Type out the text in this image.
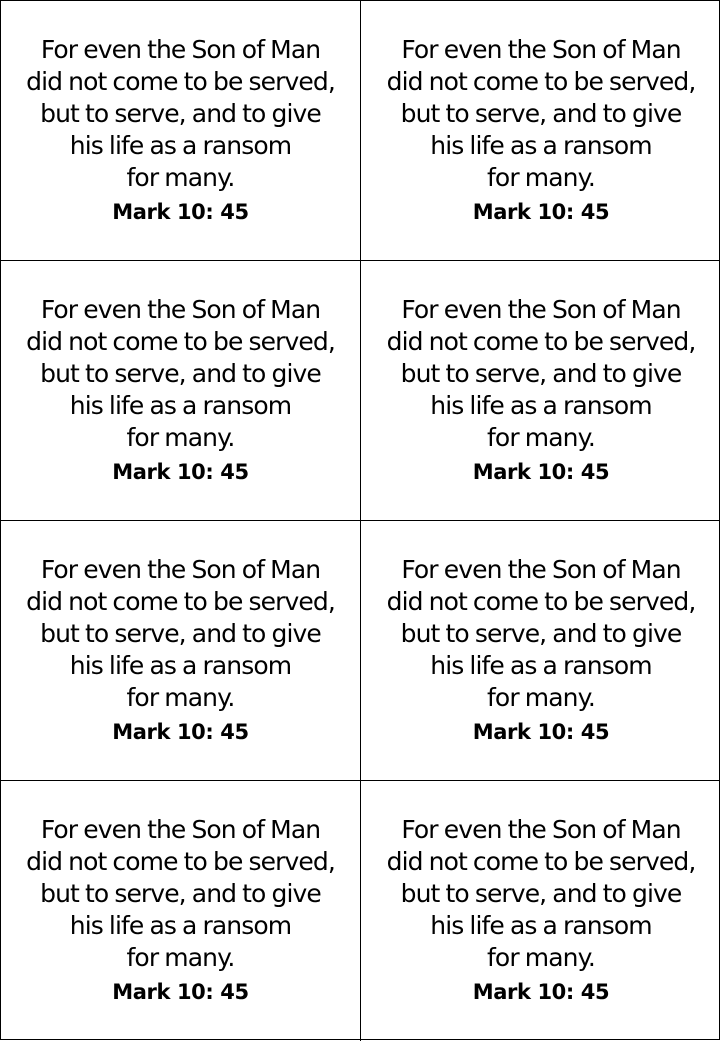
For even the Son of Man
did not come to be served,
but to serve, and to give
his life as a ransom
for many.

Mark 10: 45

For even the Son of Man
did not come to be served,
but to serve, and to give
his life as a ransom
for many.

Mark 10: 45

For even the Son of Man
did not come to be served,
but to serve, and to give
his life as a ransom
for many.

Mark 10: 45

For even the Son of Man
did not come to be served,
but to serve, and to give
his life as a ransom
for many.

Mark 10: 45

For even the Son of Man
did not come to be served,
but to serve, and to give
his life as a ransom
for many.

Mark 10: 45

For even the Son of Man
did not come to be served,
but to serve, and to give
his life as a ransom
for many.

Mark 10: 45

For even the Son of Man
did not come to be served,
but to serve, and to give
his life as a ransom
for many.

Mark 10: 45

For even the Son of Man
did not come to be served,
but to serve, and to give
his life as a ransom
for many.

Mark 10: 45
